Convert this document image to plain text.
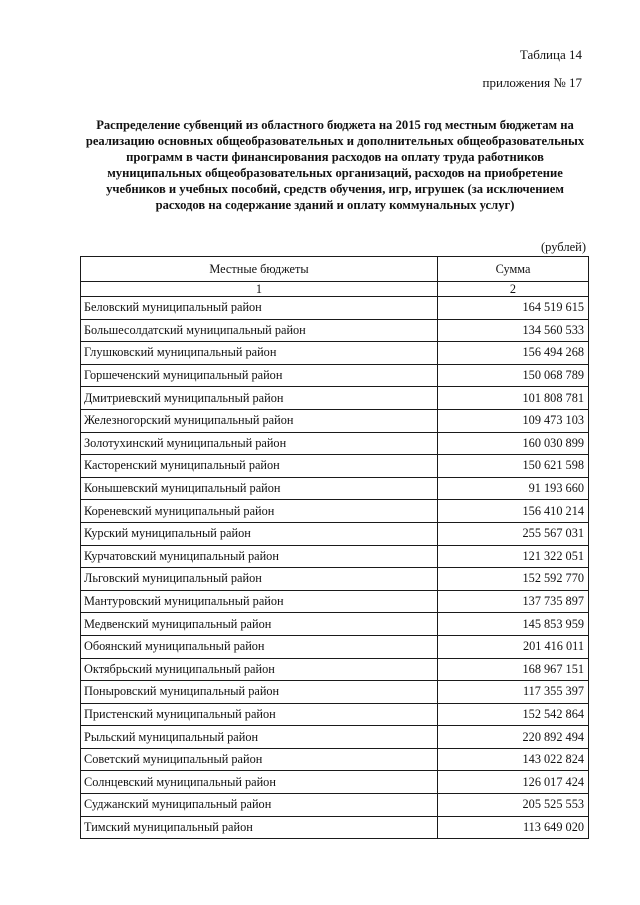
Таблица 14
приложения № 17
Распределение субвенций из областного бюджета на 2015 год местным бюджетам на реализацию основных общеобразовательных и дополнительных общеобразовательных программ в части финансирования расходов на оплату труда работников муниципальных общеобразовательных организаций, расходов на приобретение учебников и учебных пособий, средств обучения, игр, игрушек (за исключением расходов на содержание зданий и оплату коммунальных услуг)
(рублей)
Местные бюджеты	Сумма
1	2
Беловский муниципальный район	164 519 615
Большесолдатский муниципальный район	134 560 533
Глушковский муниципальный район	156 494 268
Горшеченский муниципальный район	150 068 789
Дмитриевский муниципальный район	101 808 781
Железногорский муниципальный район	109 473 103
Золотухинский муниципальный район	160 030 899
Касторенский муниципальный район	150 621 598
Конышевский муниципальный район	91 193 660
Кореневский муниципальный район	156 410 214
Курский муниципальный район	255 567 031
Курчатовский муниципальный район	121 322 051
Льговский муниципальный район	152 592 770
Мантуровский муниципальный район	137 735 897
Медвенский муниципальный район	145 853 959
Обоянский муниципальный район	201 416 011
Октябрьский муниципальный район	168 967 151
Поныровский муниципальный район	117 355 397
Пристенский муниципальный район	152 542 864
Рыльский муниципальный район	220 892 494
Советский муниципальный район	143 022 824
Солнцевский муниципальный район	126 017 424
Суджанский муниципальный район	205 525 553
Тимский муниципальный район	113 649 020
